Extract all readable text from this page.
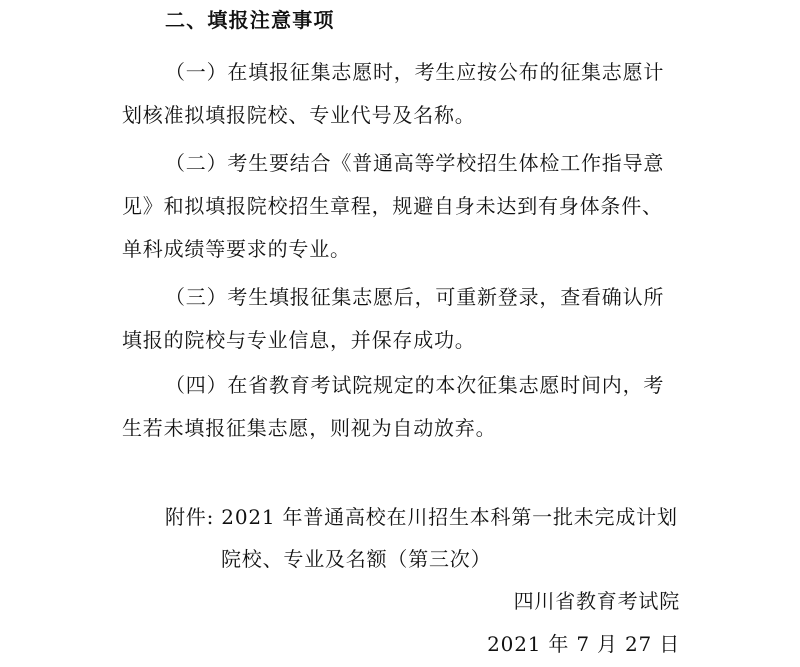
二、填报注意事项
（一）在填报征集志愿时，考生应按公布的征集志愿计
划核准拟填报院校、专业代号及名称。
（二）考生要结合《普通高等学校招生体检工作指导意
见》和拟填报院校招生章程，规避自身未达到有身体条件、
单科成绩等要求的专业。
（三）考生填报征集志愿后，可重新登录，查看确认所
填报的院校与专业信息，并保存成功。
（四）在省教育考试院规定的本次征集志愿时间内，考
生若未填报征集志愿，则视为自动放弃。
附件: 2021 年普通高校在川招生本科第一批未完成计划
院校、专业及名额（第三次）
四川省教育考试院
2021 年 7 月 27 日
